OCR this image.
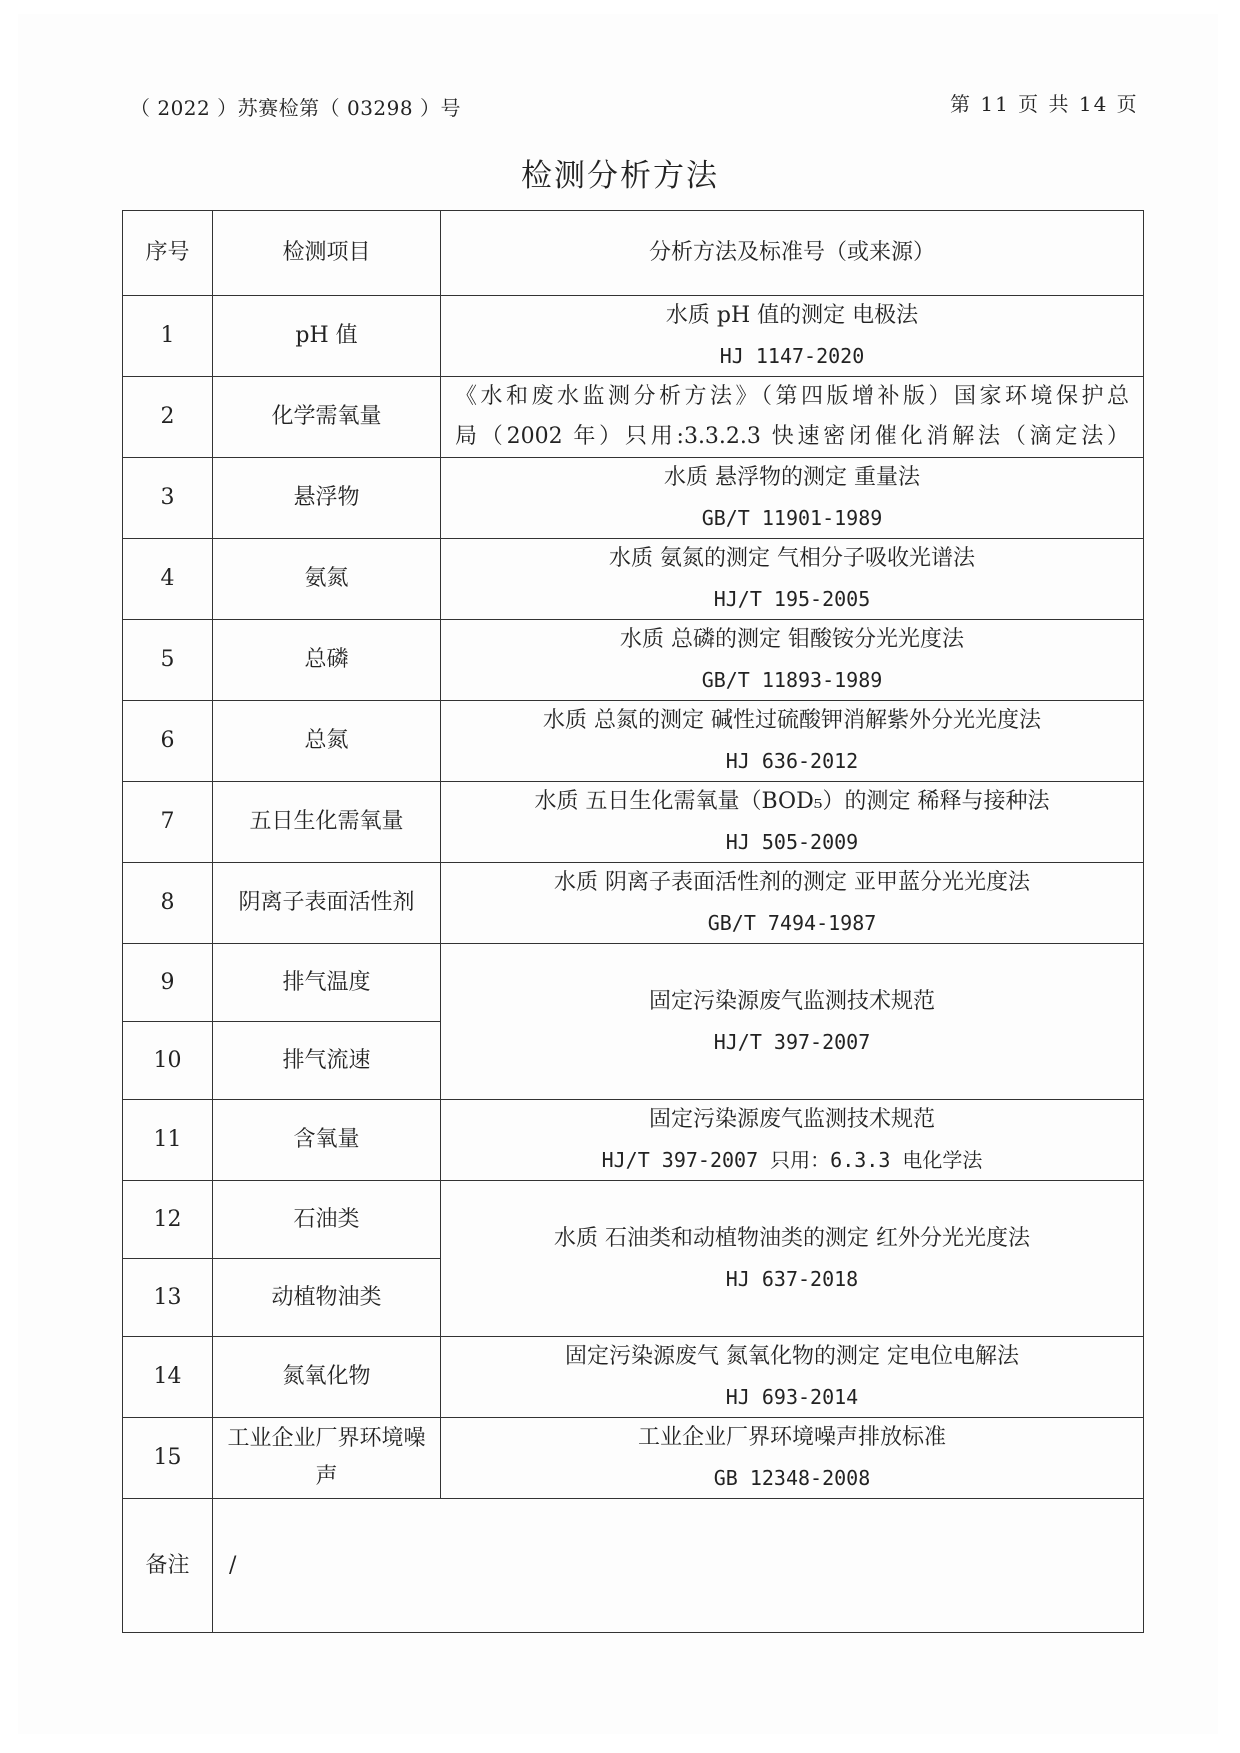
（ 2022 ）苏赛检第（ 03298 ）号	第 11 页 共 14 页
检测分析方法
序号	检测项目	分析方法及标准号（或来源）
1	pH 值	水质 pH 值的测定 电极法
HJ 1147-2020

2	化学需氧量	《水和废水监测分析方法》（第四版增补版）国家环境保护总
局（2002 年）只用:3.3.2.3 快速密闭催化消解法（滴定法）

3	悬浮物	水质 悬浮物的测定 重量法
GB/T 11901-1989

4	氨氮	水质 氨氮的测定 气相分子吸收光谱法
HJ/T 195-2005

5	总磷	水质 总磷的测定 钼酸铵分光光度法
GB/T 11893-1989

6	总氮	水质 总氮的测定 碱性过硫酸钾消解紫外分光光度法
HJ 636-2012

7	五日生化需氧量	水质 五日生化需氧量（BOD₅）的测定 稀释与接种法
HJ 505-2009

8	阴离子表面活性剂	水质 阴离子表面活性剂的测定 亚甲蓝分光光度法
GB/T 7494-1987

9	排气温度	固定污染源废气监测技术规范
HJ/T 397-2007

10	排气流速	
11	含氧量	固定污染源废气监测技术规范
HJ/T 397-2007 只用：6.3.3 电化学法

12	石油类	水质 石油类和动植物油类的测定 红外分光光度法
HJ 637-2018

13	动植物油类	
14	氮氧化物	固定污染源废气 氮氧化物的测定 定电位电解法
HJ 693-2014

15	工业企业厂界环境噪声	工业企业厂界环境噪声排放标准
GB 12348-2008

备注	/	
